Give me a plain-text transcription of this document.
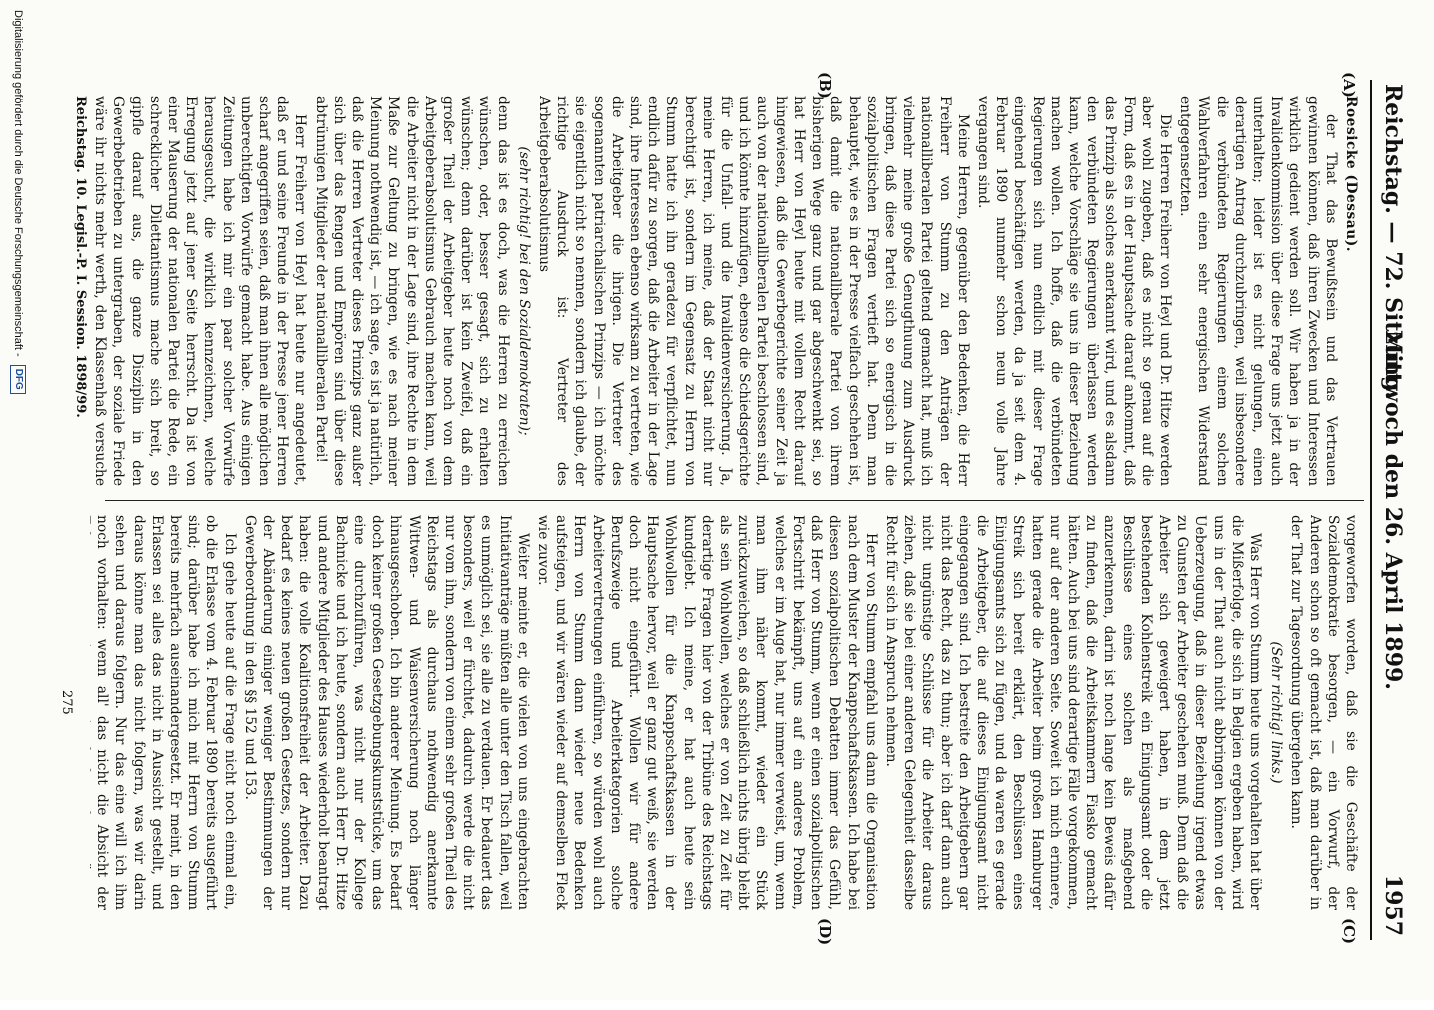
Reichstag. — 72. Sitzung.
Mittwoch den 26. April 1899.
1957
(A)
(B)
(C)
(D)

Roesicke (Dessau).

der That das Bewußtsein und das Vertrauen gewinnen können, daß ihren Zwecken und Interessen wirklich gedient werden soll. Wir haben ja in der Invalidenkommission über diese Frage uns jetzt auch unterhalten; leider ist es nicht gelungen, einen derartigen Antrag durchzubringen, weil insbesondere die verbündeten Regierungen einem solchen Wahlverfahren einen sehr energischen Widerstand entgegensetzten.

Die Herren Freiherr von Heyl und Dr. Hitze werden aber wohl zugeben, daß es nicht so genau auf die Form, daß es in der Hauptsache darauf ankommt, daß das Prinzip als solches anerkannt wird, und es alsdann den verbündeten Regierungen überlassen werden kann, welche Vorschläge sie uns in dieser Beziehung machen wollen. Ich hoffe, daß die verbündeten Regierungen sich nun endlich mit dieser Frage eingehend beschäftigen werden, da ja seit dem 4. Februar 1890 nunmehr schon neun volle Jahre vergangen sind.

Meine Herren, gegenüber den Bedenken, die Herr Freiherr von Stumm zu den Anträgen der nationalliberalen Partei geltend gemacht hat, muß ich vielmehr meine große Genugthuung zum Ausdruck bringen, daß diese Partei sich so energisch in die sozialpolitischen Fragen vertieft hat. Denn man behauptet, wie es in der Presse vielfach geschehen ist, daß damit die nationalliberale Partei von ihrem bisherigen Wege ganz und gar abgeschwenkt sei, so hat Herr von Heyl heute mit vollem Recht darauf hingewiesen, daß die Gewerbegerichte seiner Zeit ja auch von der nationalliberalen Partei beschlossen sind, und ich könnte hinzufügen, ebenso die Schiedsgerichte für die Unfall- und die Invalidenversicherung. Ja, meine Herren, ich meine, daß der Staat nicht nur berechtigt ist, sondern im Gegensatz zu Herrn von Stumm hatte ich ihn geradezu für verpflichtet, nun endlich dafür zu sorgen, daß die Arbeiter in der Lage sind, ihre Interessen ebenso wirksam zu vertreten, wie die Arbeitgeber die ihrigen. Die Vertreter des sogenannten patriarchalischen Prinzips — ich möchte sie eigentlich nicht so nennen, sondern ich glaube, der richtige Ausdruck ist: Vertreter des Arbeitgeberabsolutismus

(sehr richtig! bei den Sozialdemokraten);

denn das ist es doch, was die Herren zu erreichen wünschen, oder, besser gesagt, sich zu erhalten wünschen; denn darüber ist kein Zweifel, daß ein großer Theil der Arbeitgeber heute noch von dem Arbeitgeberabsolutismus Gebrauch machen kann, weil die Arbeiter nicht in der Lage sind, ihre Rechte in dem Maße zur Geltung zu bringen, wie es nach meiner Meinung nothwendig ist, — ich sage, es ist ja natürlich, daß die Herren Vertreter dieses Prinzips ganz außer sich über das Rengen und Empören sind über diese abtrünnigen Mitglieder der nationalliberalen Partei!

Herr Freiherr von Heyl hat heute nur angedeutet, daß er und seine Freunde in der Presse jener Herren scharf angegriffen seien, daß man ihnen alle möglichen unberechtigten Vorwürfe gemacht habe. Aus einigen Zeitungen habe ich mir ein paar solcher Vorwürfe herausgesucht, die wirklich kennzeichnen, welche Erregung jetzt auf jener Seite herrscht. Da ist von einer Mauserung der nationalen Partei die Rede, ein schrecklicher Dilettantismus mache sich breit, so gipfle darauf aus, die ganze Disziplin in den Gewerbebetrieben zu untergraben, der soziale Friede wäre ihr nichts mehr werth, den Klassenhaß versuche

vorgeworfen worden, daß sie die Geschäfte der Sozialdemokratie besorgen, — ein Vorwurf, der Anderen schon so oft gemacht ist, daß man darüber in der That zur Tagesordnung übergehen kann.

(Sehr richtig! links.)

Was Herr von Stumm heute uns vorgehalten hat über die Mißerfolge, die sich in Belgien ergeben haben, wird uns in der That auch nicht abbringen können von der Ueberzeugung, daß in dieser Beziehung irgend etwas zu Gunsten der Arbeiter geschehen muß. Denn daß die Arbeiter sich geweigert haben, in dem jetzt bestehenden Kohlenstreik ein Einigungsamt oder die Beschlüsse eines solchen als maßgebend anzuerkennen, darin ist noch lange kein Beweis dafür zu finden, daß die Arbeitskammern Fiasko gemacht hätten. Auch bei uns sind derartige Fälle vorgekommen, nur auf der anderen Seite. Soweit ich mich erinnere, hatten gerade die Arbeiter beim großen Hamburger Streik sich bereit erklärt, den Beschlüssen eines Einigungsamts sich zu fügen, und da waren es gerade die Arbeitgeber, die auf dieses Einigungsamt nicht eingegangen sind. Ich bestreite den Arbeitgebern gar nicht das Recht, das zu thun; aber ich darf dann auch nicht ungünstige Schlüsse für die Arbeiter daraus ziehen, daß sie bei einer anderen Gelegenheit dasselbe Recht für sich in Anspruch nehmen.

Herr von Stumm empfahl uns dann die Organisation nach dem Muster der Knappschaftskassen. Ich habe bei diesen sozialpolitischen Debatten immer das Gefühl, daß Herr von Stumm, wenn er einen sozialpolitischen Fortschritt bekämpft, uns auf ein anderes Problem, welches er im Auge hat, nur immer verweist, um, wenn man ihm näher kommt, wieder ein Stück zurückzuweichen, so daß schließlich nichts übrig bleibt als sein Wohlwollen, welches er von Zeit zu Zeit für derartige Fragen hier von der Tribüne des Reichstags kundgiebt. Ich meine, er hat auch heute sein Wohlwollen für die Knappschaftskassen in der Hauptsache hervor, weil er ganz gut weiß, sie werden doch nicht eingeführt. Wollen wir für andere Berufszweige und Arbeiterkategorien solche Arbeitervertretungen einführen, so würden wohl auch Herrn von Stumm dann wieder neue Bedenken aufsteigen, und wir wären wieder auf demselben Fleck wie zuvor.

Weiter meinte er, die vielen von uns eingebrachten Initiativanträge müßten alle unter den Tisch fallen, weil es unmöglich sei, sie alle zu verdauen. Er bedauert das besonders, weil er fürchtet, dadurch werde die nicht nur vom ihm, sondern von einem sehr großen Theil des Reichstags als durchaus nothwendig anerkannte Wittwen- und Waisenversicherung noch länger hinausgeschoben. Ich bin anderer Meinung. Es bedarf doch keiner großen Gesetzgebungskunststücke, um das eine durchzuführen, was nicht nur der Kollege Bachnicke und ich heute, sondern auch Herr Dr. Hitze und andere Mitglieder des Hauses wiederholt beantragt haben: die volle Koalitionsfreiheit der Arbeiter. Dazu bedarf es keines neuen großen Gesetzes, sondern nur der Abänderung einiger weniger Bestimmungen der Gewerbeordnung in den §§ 152 und 153.

Ich gehe heute auf die Frage nicht noch einmal ein, ob die Erlasse vom 4. Februar 1890 bereits ausgeführt sind; darüber habe ich mich mit Herrn von Stumm bereits mehrfach auseinandergesetzt. Er meint, in den Erlassen sei alles das nicht in Aussicht gestellt, und daraus könne man das nicht folgern, was wir darin sehen und daraus folgern. Nur das eine will ich ihm noch vorhalten: wenn all' das nicht die Absicht der

Reichstag. 10. Legisl.-P. I. Session. 1898/99.
275
Digitalisierung gefördert durch die Deutsche Forschungsgemeinschaft -
DFG
